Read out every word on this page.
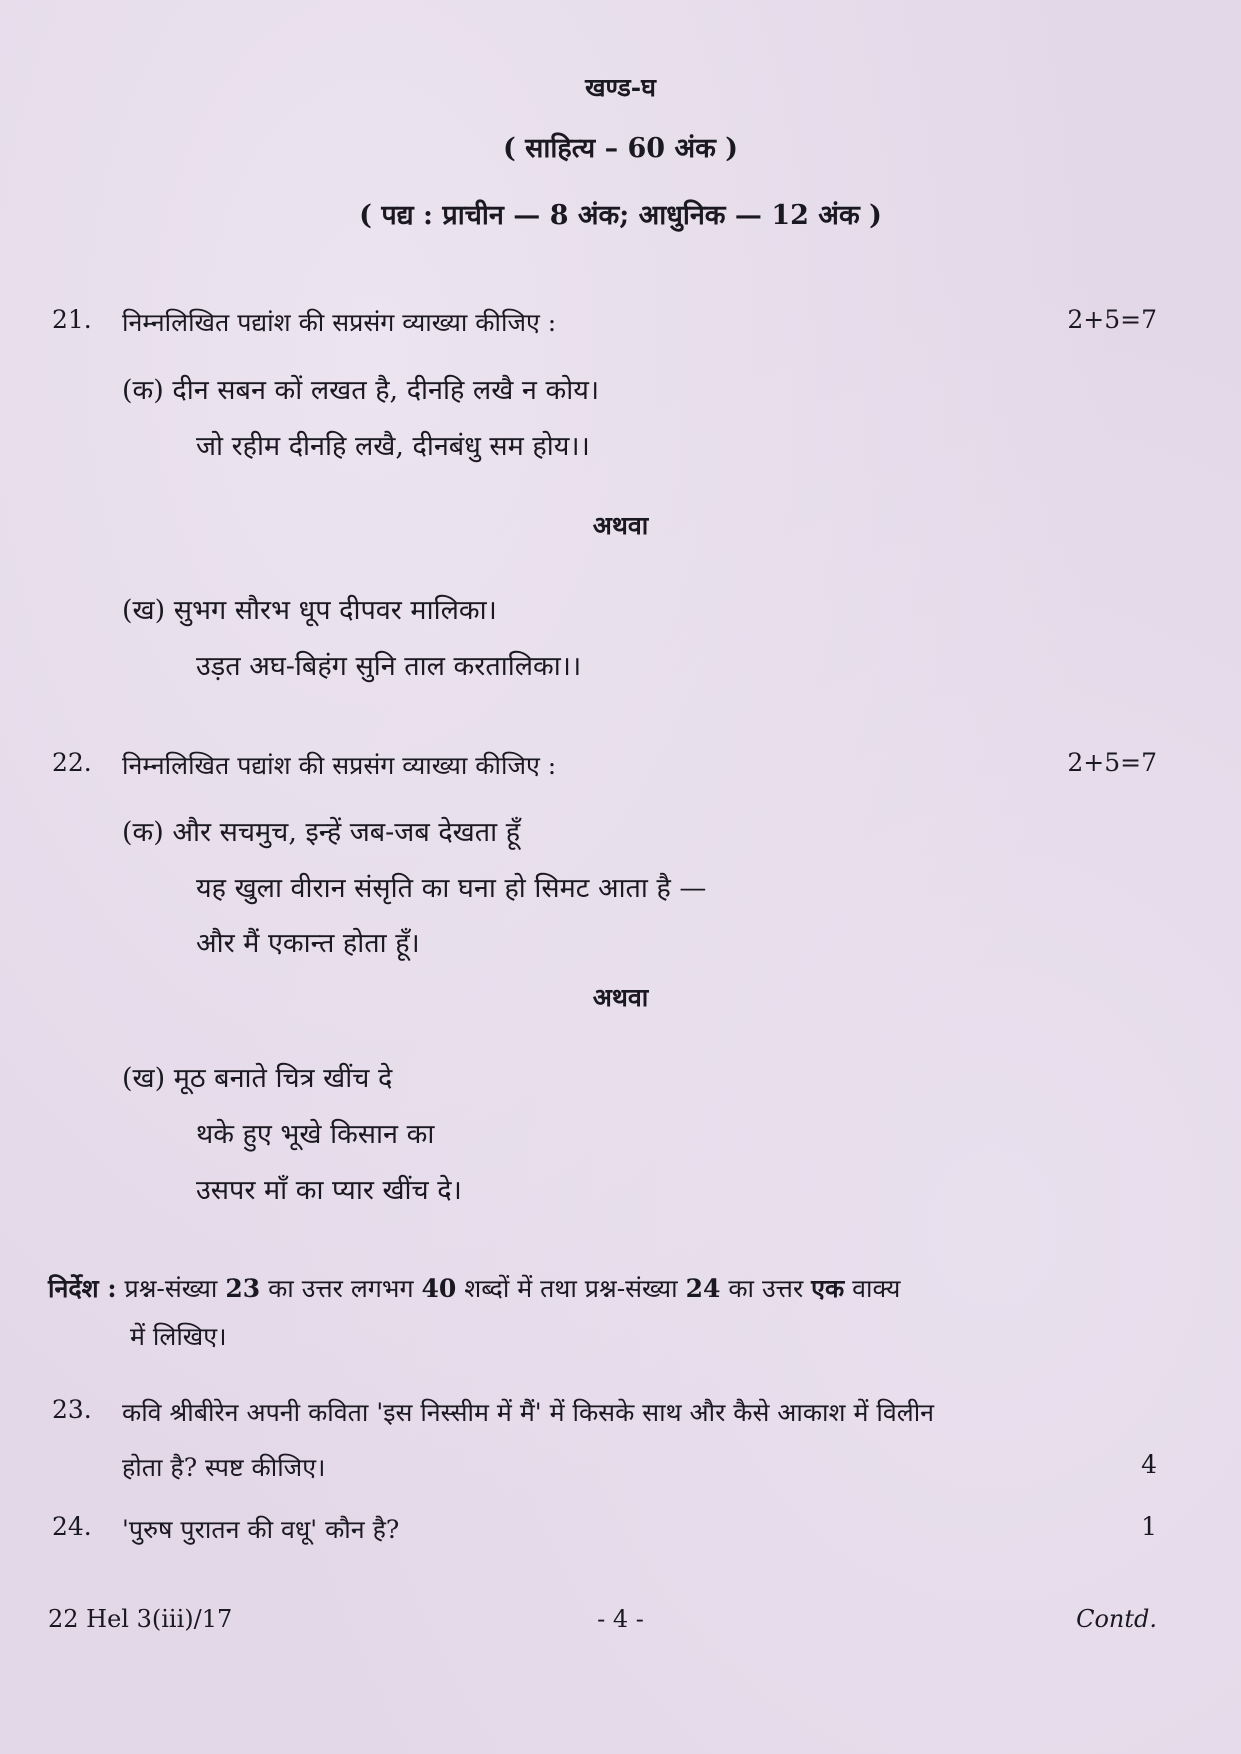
खण्ड-घ
( साहित्य – 60 अंक )
( पद्य : प्राचीन — 8 अंक; आधुनिक — 12 अंक )
21. निम्नलिखित पद्यांश की सप्रसंग व्याख्या कीजिए :	2+5=7
(क) दीन सबन कों लखत है, दीनहि लखै न कोय।
जो रहीम दीनहि लखै, दीनबंधु सम होय।।
अथवा
(ख) सुभग सौरभ धूप दीपवर मालिका।
उड़त अघ-बिहंग सुनि ताल करतालिका।।
22. निम्नलिखित पद्यांश की सप्रसंग व्याख्या कीजिए :	2+5=7
(क) और सचमुच, इन्हें जब-जब देखता हूँ
यह खुला वीरान संसृति का घना हो सिमट आता है —
और मैं एकान्त होता हूँ।
अथवा
(ख) मूठ बनाते चित्र खींच दे
थके हुए भूखे किसान का
उसपर माँ का प्यार खींच दे।
निर्देश : प्रश्न-संख्या 23 का उत्तर लगभग 40 शब्दों में तथा प्रश्न-संख्या 24 का उत्तर एक वाक्य
में लिखिए।
23. कवि श्रीबीरेन अपनी कविता 'इस निस्सीम में मैं' में किसके साथ और कैसे आकाश में विलीन
होता है? स्पष्ट कीजिए।	4
24. 'पुरुष पुरातन की वधू' कौन है?	1
22 Hel 3(iii)/17	- 4 -	Contd.
